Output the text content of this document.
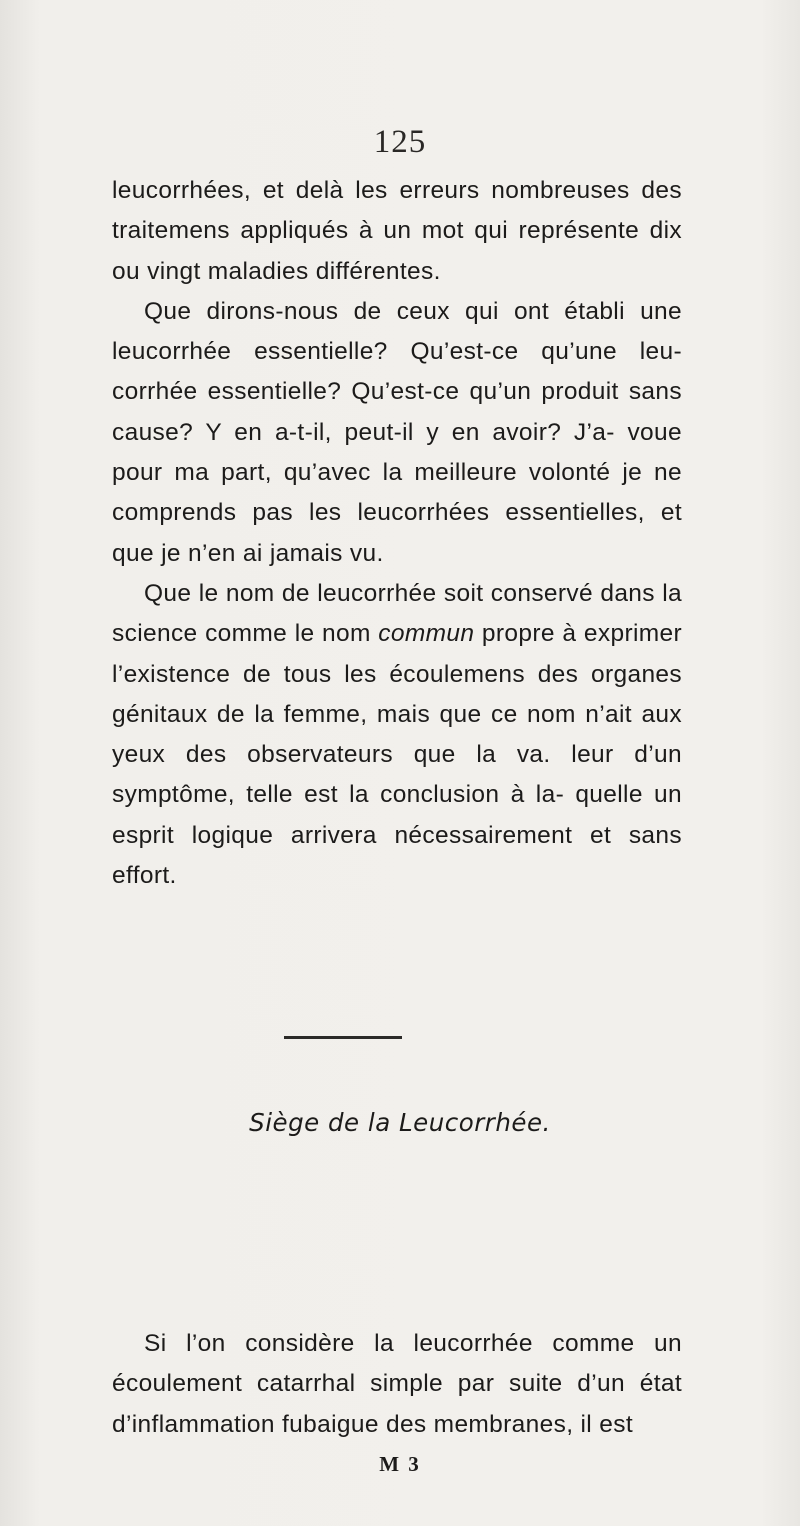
125

leucorrhées, et delà les erreurs nombreuses des traitemens appliqués à un mot qui représente dix ou vingt maladies différentes.

Que dirons-nous de ceux qui ont établi une leucorrhée essentielle? Qu’est-ce qu’une leu- corrhée essentielle? Qu’est-ce qu’un produit sans cause? Y en a-t-il, peut-il y en avoir? J’a- voue pour ma part, qu’avec la meilleure volonté je ne comprends pas les leucorrhées essentielles, et que je n’en ai jamais vu.

Que le nom de leucorrhée soit conservé dans la science comme le nom commun propre à exprimer l’existence de tous les écoulemens des organes génitaux de la femme, mais que ce nom n’ait aux yeux des observateurs que la va. leur d’un symptôme, telle est la conclusion à la- quelle un esprit logique arrivera nécessairement et sans effort.

Siège de la Leucorrhée.

Si l’on considère la leucorrhée comme un écoulement catarrhal simple par suite d’un état d’inflammation fubaigue des membranes, il est

M 3
